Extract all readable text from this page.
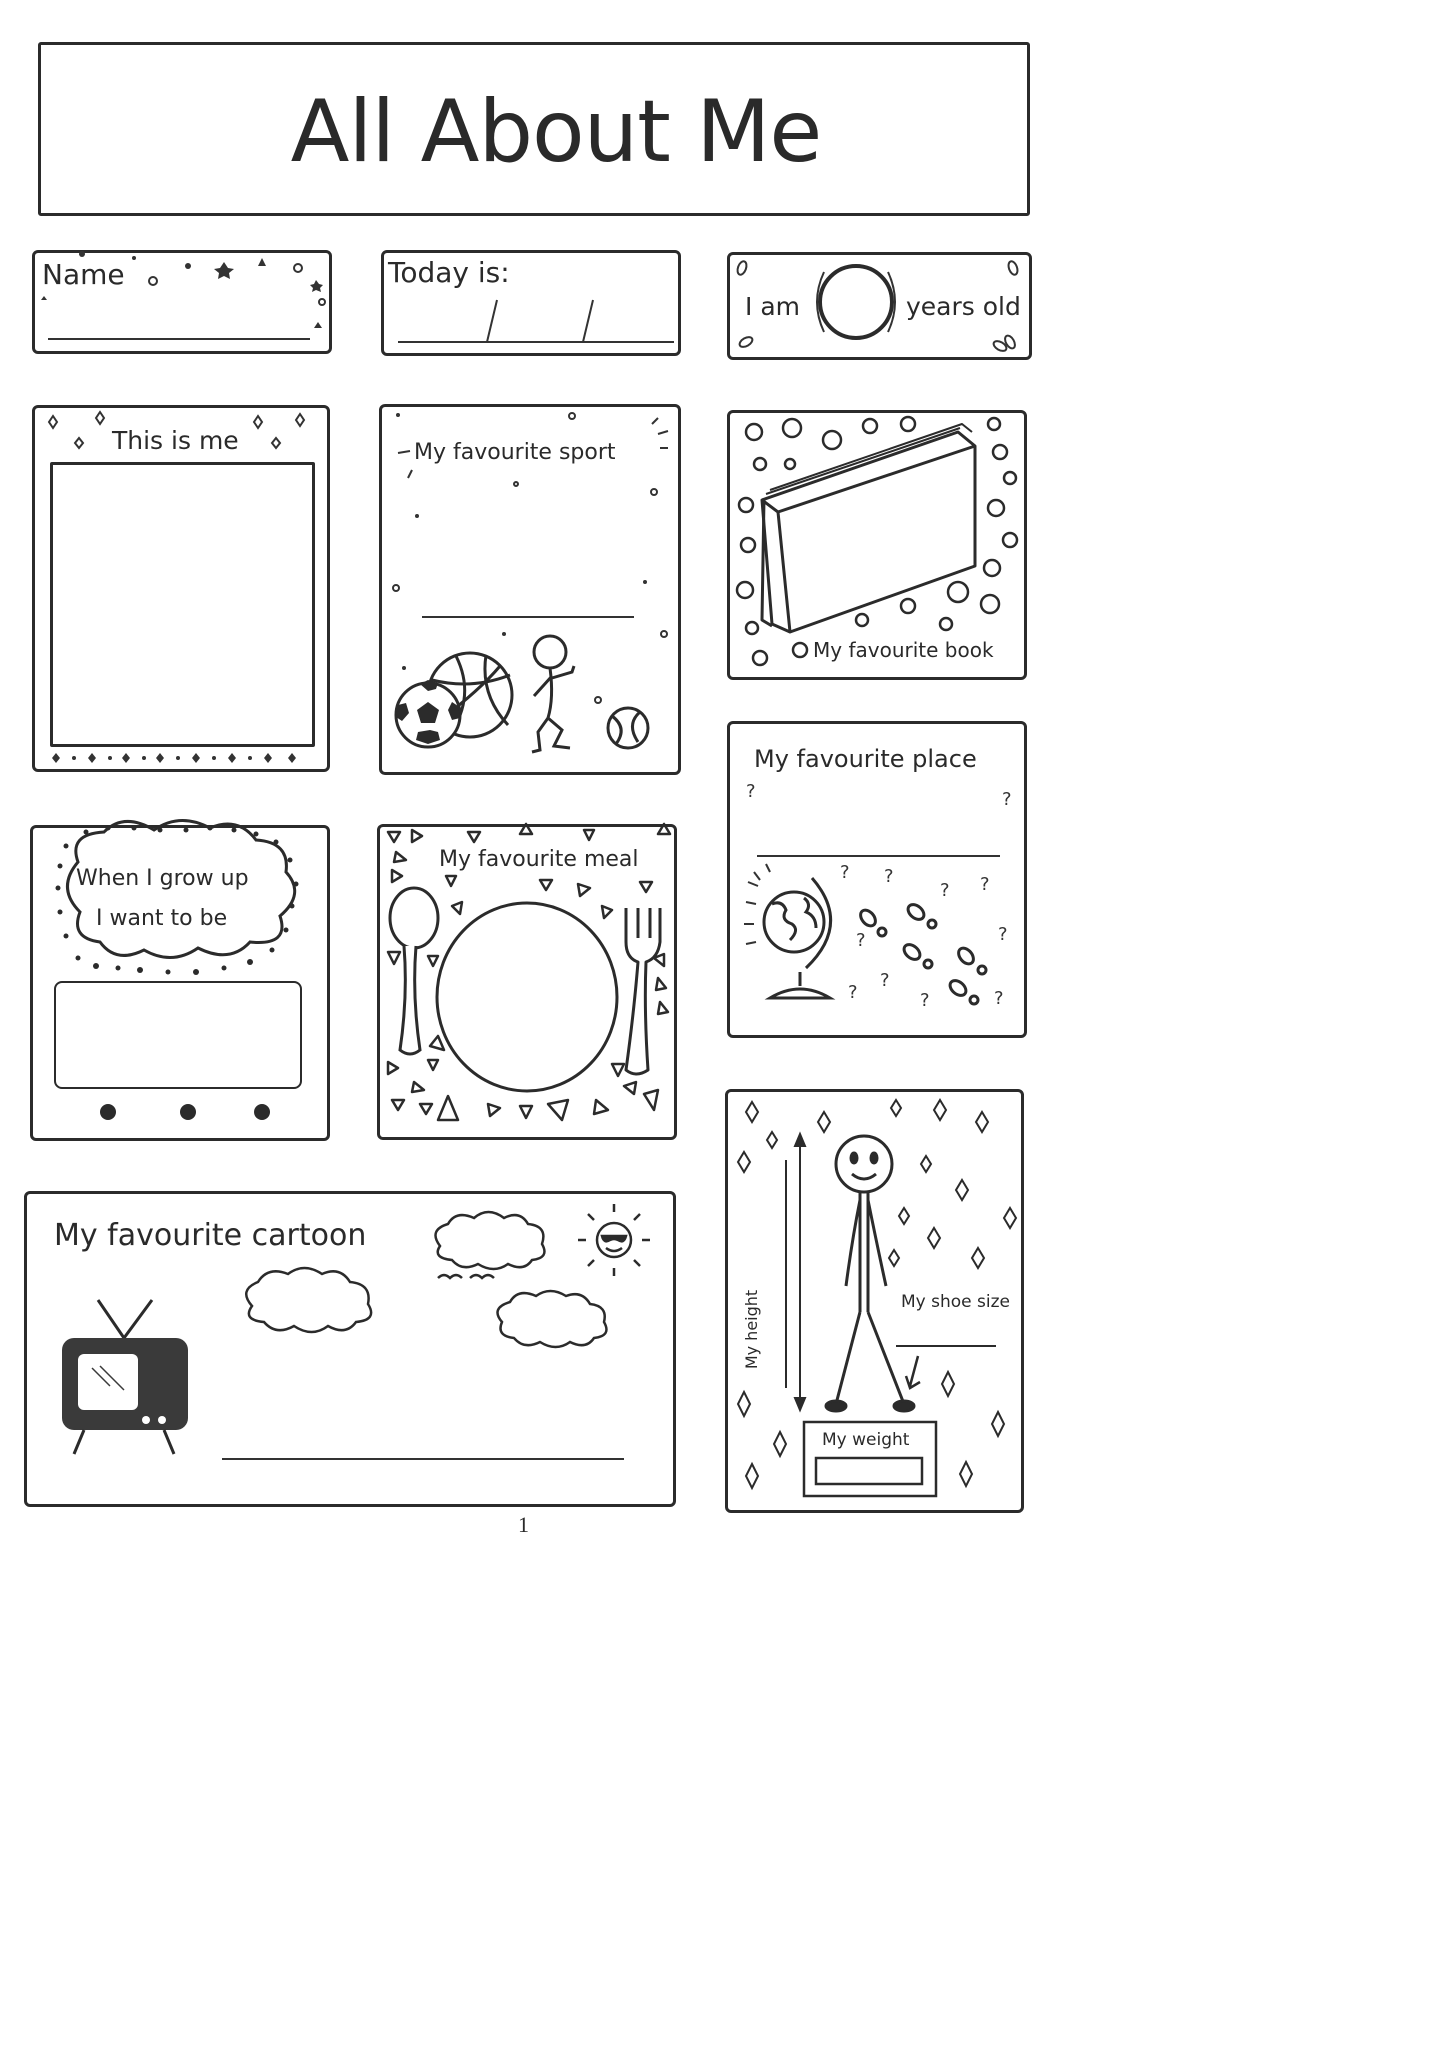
All About Me
Name	Today is:
I am	years old
This is me	My favourite sport
My favourite book
My favourite place
?	?
? ?
? ?
?	?
?
?	?	?
When I grow up
I want to be
My favourite meal
My favourite cartoon
My height	My shoe size
My weight
1
